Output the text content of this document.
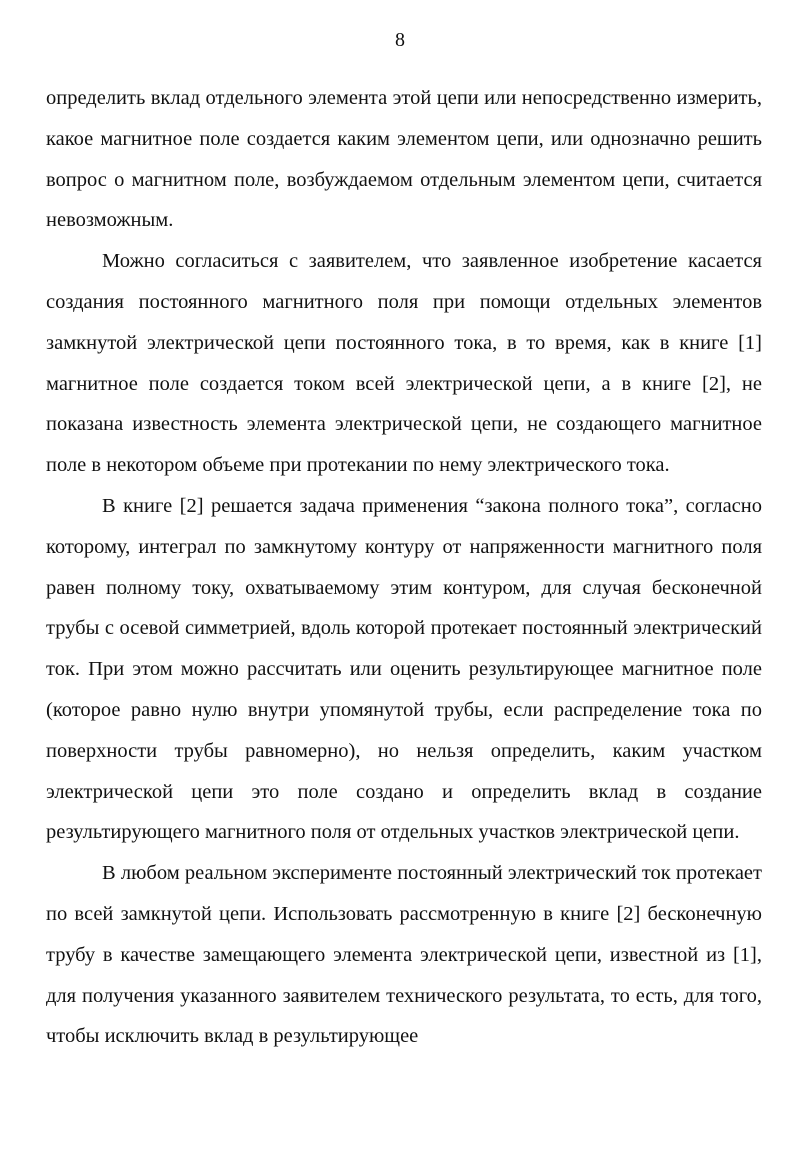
8

определить вклад отдельного элемента этой цепи или непосредственно измерить, какое магнитное поле создается каким элементом цепи, или однозначно решить вопрос о магнитном поле, возбуждаемом отдельным элементом цепи, считается невозможным.

Можно согласиться с заявителем, что заявленное изобретение касается создания постоянного магнитного поля при помощи отдельных элементов замкнутой электрической цепи постоянного тока, в то время, как в книге [1] магнитное поле создается током всей электрической цепи, а в книге [2], не показана известность элемента электрической цепи, не создающего магнитное поле в некотором объеме при протекании по нему электрического тока.

В книге [2] решается задача применения “закона полного тока”, согласно которому, интеграл по замкнутому контуру от напряженности магнитного поля равен полному току, охватываемому этим контуром, для случая бесконечной трубы с осевой симметрией, вдоль которой протекает постоянный электрический ток. При этом можно рассчитать или оценить результирующее магнитное поле (которое равно нулю внутри упомянутой трубы, если распределение тока по поверхности трубы равномерно), но нельзя определить, каким участком электрической цепи это поле создано и определить вклад в создание результирующего магнитного поля от отдельных участков электрической цепи.

В любом реальном эксперименте постоянный электрический ток протекает по всей замкнутой цепи. Использовать рассмотренную в книге [2] бесконечную трубу в качестве замещающего элемента электрической цепи, известной из [1], для получения указанного заявителем технического результата, то есть, для того, чтобы исключить вклад в результирующее
